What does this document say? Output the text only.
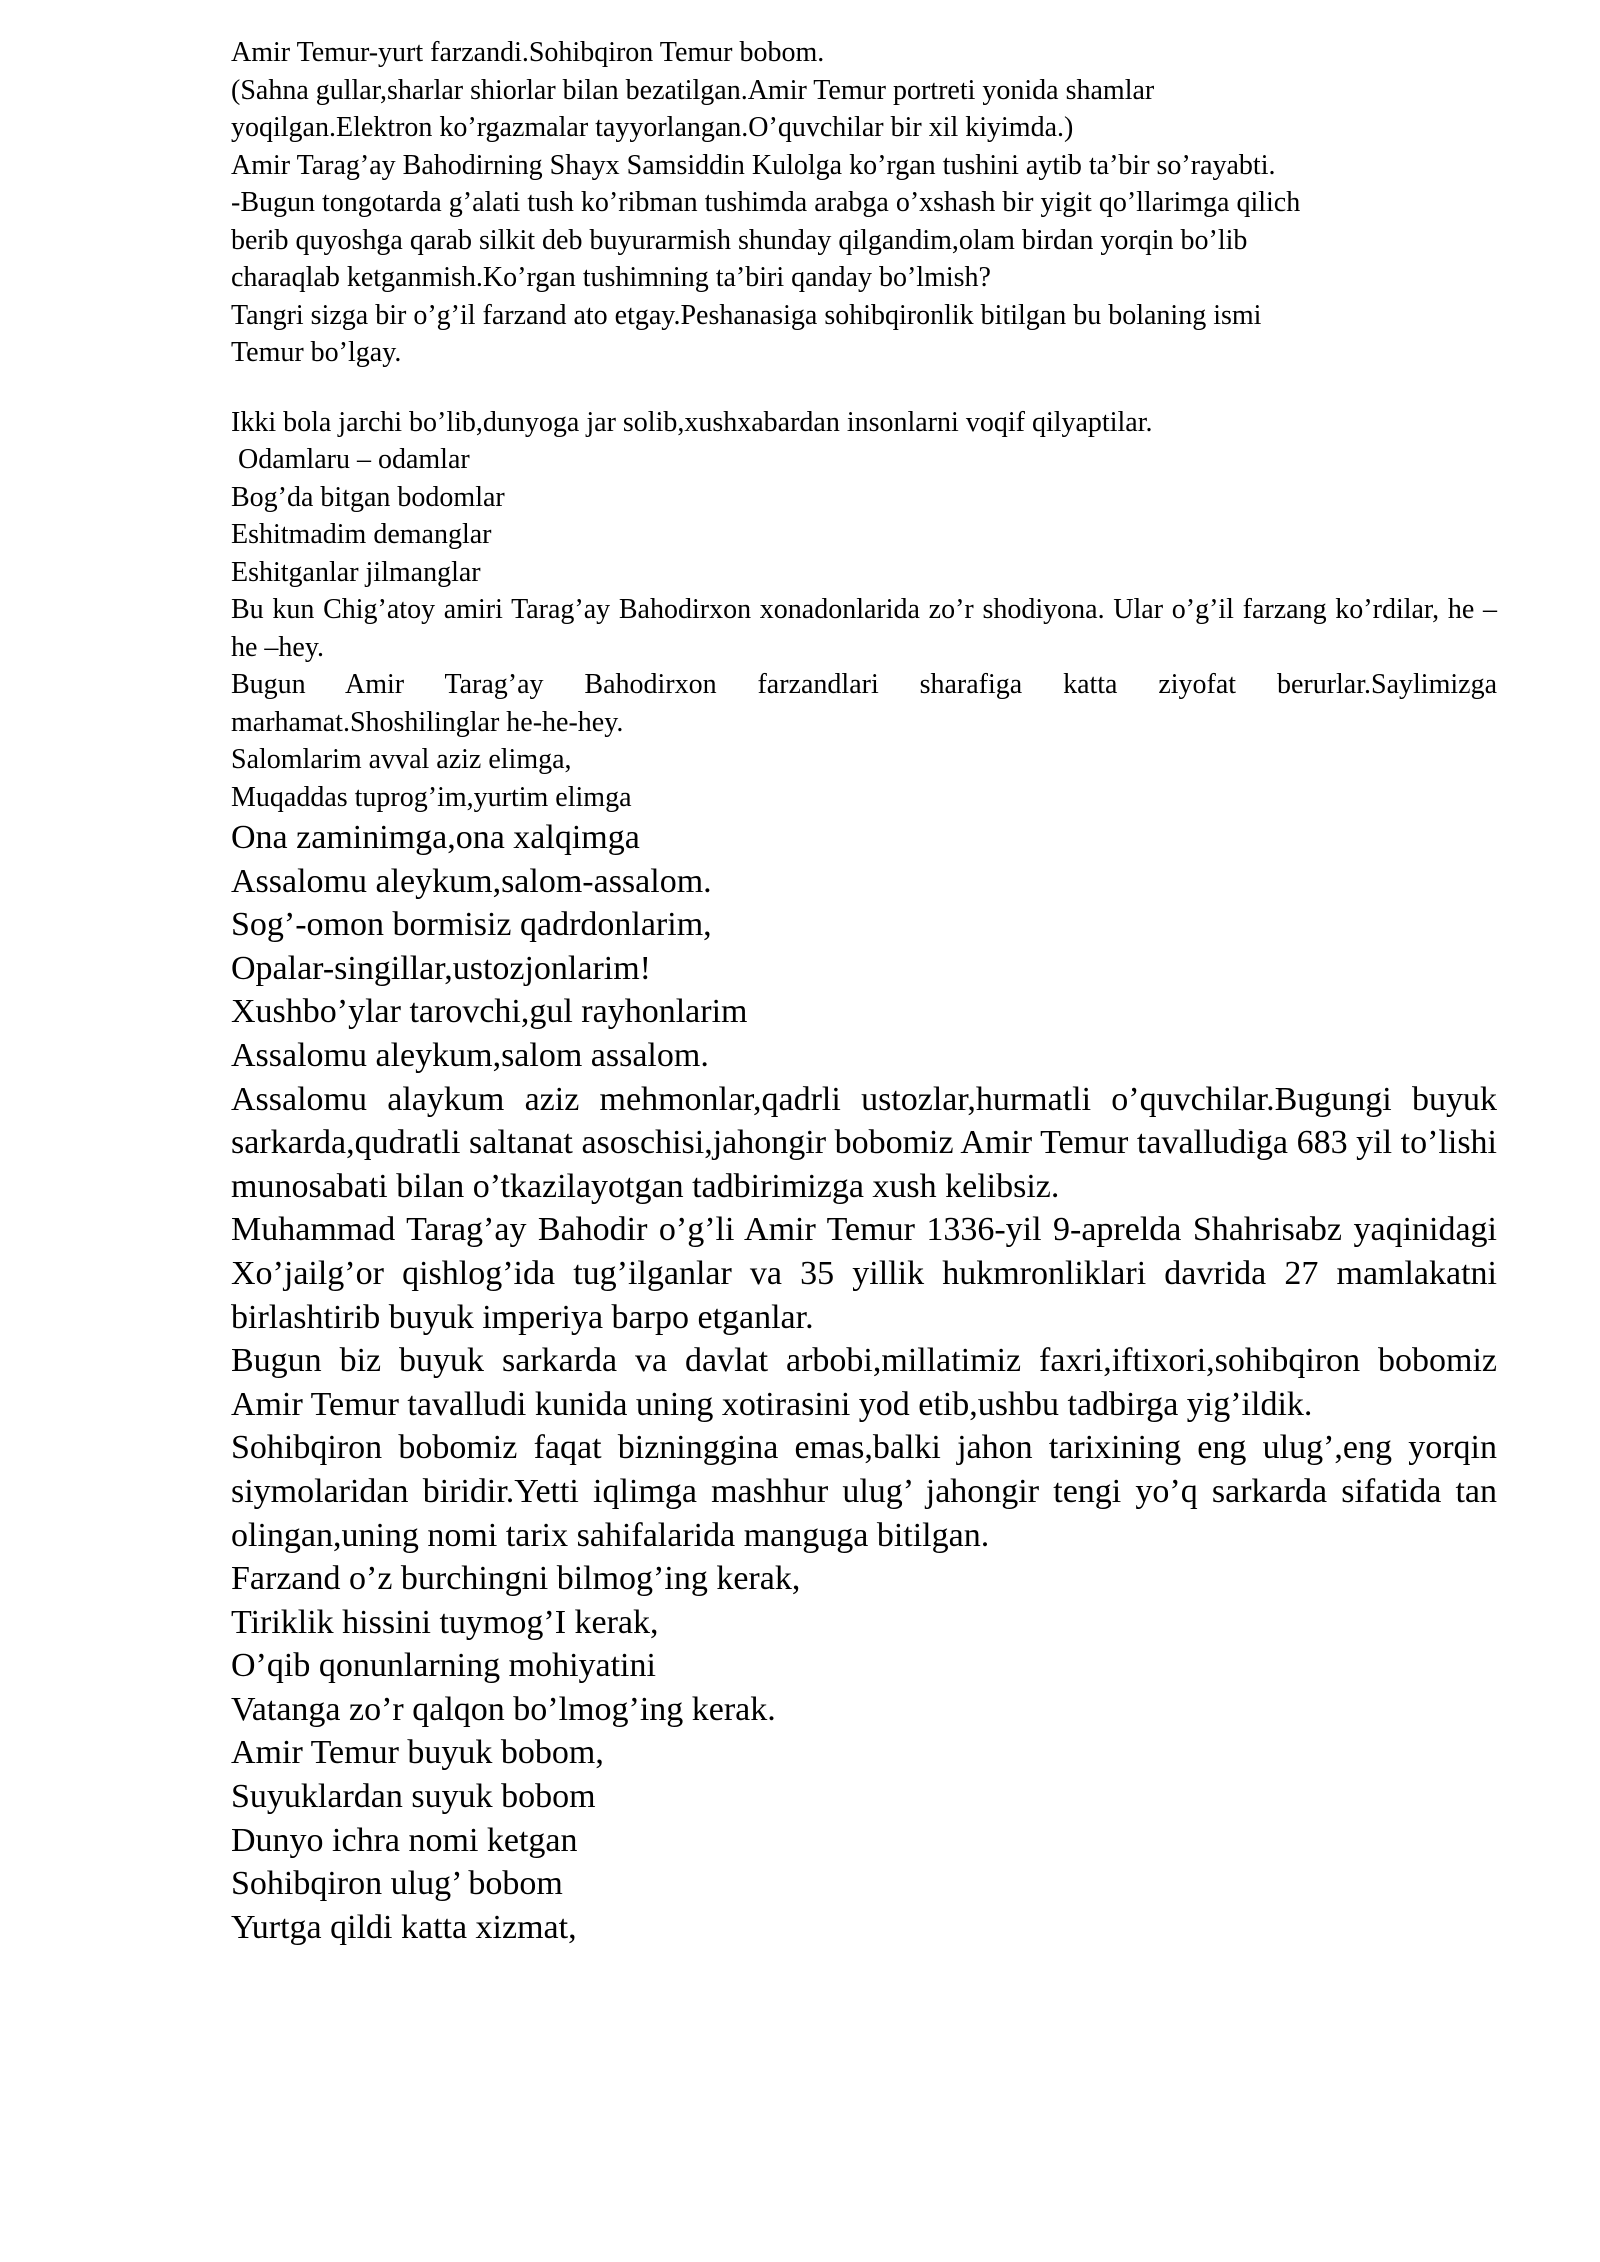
Amir Temur-yurt farzandi.Sohibqiron Temur bobom.
(Sahna gullar,sharlar shiorlar bilan bezatilgan.Amir Temur portreti yonida shamlar
yoqilgan.Elektron ko’rgazmalar tayyorlangan.O’quvchilar bir xil kiyimda.)
Amir Tarag’ay Bahodirning Shayx Samsiddin Kulolga ko’rgan tushini aytib ta’bir so’rayabti.
-Bugun tongotarda g’alati tush ko’ribman tushimda arabga o’xshash bir yigit qo’llarimga qilich
berib quyoshga qarab silkit deb buyurarmish shunday qilgandim,olam birdan yorqin bo’lib
charaqlab ketganmish.Ko’rgan tushimning ta’biri qanday bo’lmish?
Tangri sizga bir o’g’il farzand ato etgay.Peshanasiga sohibqironlik bitilgan bu bolaning ismi
Temur bo’lgay.
Ikki bola jarchi bo’lib,dunyoga jar solib,xushxabardan insonlarni voqif qilyaptilar.
Odamlaru – odamlar
Bog’da bitgan bodomlar
Eshitmadim demanglar
Eshitganlar jilmanglar
Bu kun Chig’atoy amiri Tarag’ay Bahodirxon xonadonlarida zo’r shodiyona. Ular o’g’il farzang ko’rdilar, he – he –hey.
Bugun Amir Tarag’ay Bahodirxon farzandlari sharafiga katta ziyofat berurlar.Saylimizga marhamat.Shoshilinglar he-he-hey.
Salomlarim avval aziz elimga,
Muqaddas tuprog’im,yurtim elimga
Ona zaminimga,ona xalqimga
Assalomu aleykum,salom-assalom.
Sog’-omon bormisiz qadrdonlarim,
Opalar-singillar,ustozjonlarim!
Xushbo’ylar tarovchi,gul rayhonlarim
Assalomu aleykum,salom assalom.
Assalomu alaykum aziz mehmonlar,qadrli ustozlar,hurmatli o’quvchilar.Bugungi buyuk sarkarda,qudratli saltanat asoschisi,jahongir bobomiz Amir Temur tavalludiga 683 yil to’lishi munosabati bilan o’tkazilayotgan tadbirimizga xush kelibsiz.
Muhammad Tarag’ay Bahodir o’g’li Amir Temur 1336-yil 9-aprelda Shahrisabz yaqinidagi Xo’jailg’or qishlog’ida tug’ilganlar va 35 yillik hukmronliklari davrida 27 mamlakatni birlashtirib buyuk imperiya barpo etganlar.
Bugun biz buyuk sarkarda va davlat arbobi,millatimiz faxri,iftixori,sohibqiron bobomiz Amir Temur tavalludi kunida uning xotirasini yod etib,ushbu tadbirga yig’ildik.
Sohibqiron bobomiz faqat bizninggina emas,balki jahon tarixining eng ulug’,eng yorqin siymolaridan biridir.Yetti iqlimga mashhur ulug’ jahongir tengi yo’q sarkarda sifatida tan olingan,uning nomi tarix sahifalarida manguga bitilgan.
Farzand o’z burchingni bilmog’ing kerak,
Tiriklik hissini tuymog’I kerak,
O’qib qonunlarning mohiyatini
Vatanga zo’r qalqon bo’lmog’ing kerak.
Amir Temur buyuk bobom,
Suyuklardan suyuk bobom
Dunyo ichra nomi ketgan
Sohibqiron ulug’ bobom
Yurtga qildi katta xizmat,
